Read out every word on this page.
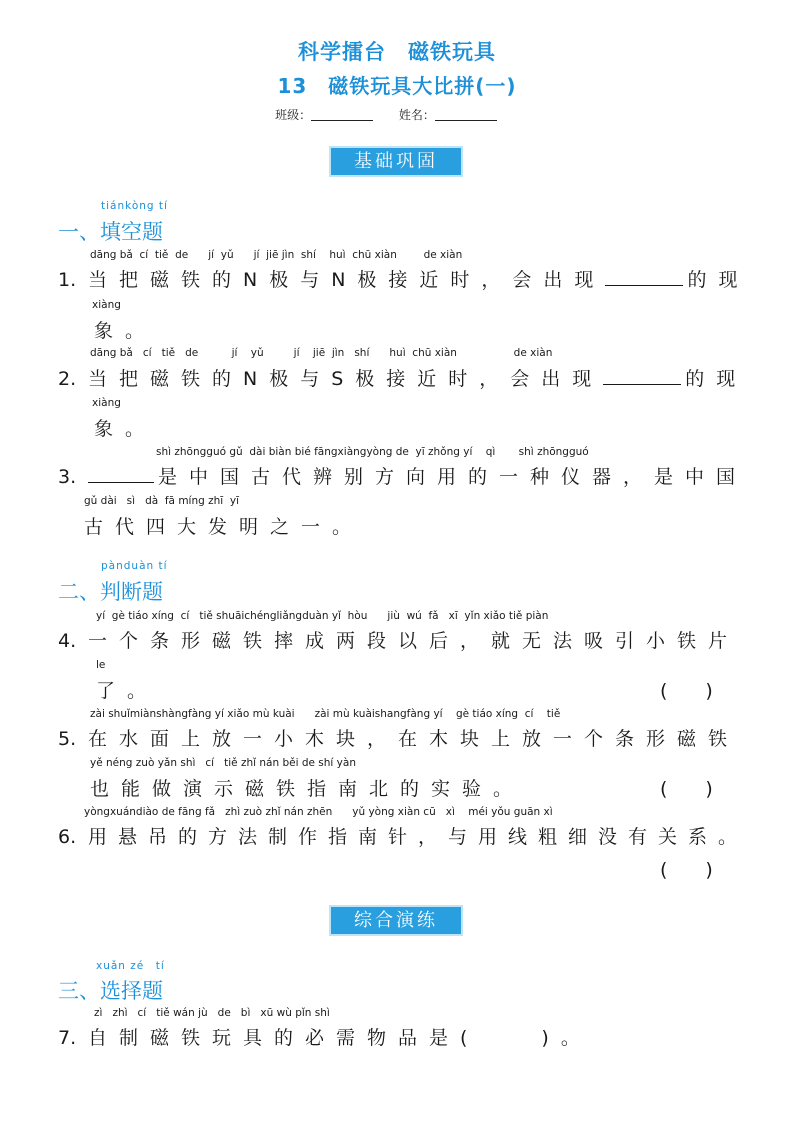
科学擂台　磁铁玩具
13　磁铁玩具大比拼(一)
班级：	姓名：
基础巩固
tiánkòng tí
一、填空题
dāng bǎ  cí  tiě  de      jí  yǔ      jí  jiē jìn  shí    huì  chū xiàn        de xiàn
1. 当把磁铁的N极与N极接近时，会出现	的现
xiàng
象。
dāng bǎ   cí   tiě   de          jí    yǔ         jí    jiē  jìn   shí      huì  chū xiàn                 de xiàn
2. 当把磁铁的N极与S极接近时，会出现	的现
xiàng
象。
shì zhōngguó gǔ  dài biàn bié fāngxiàngyòng de  yī zhǒng yí    qì       shì zhōngguó
3.	是中国古代辨别方向用的一种仪器，是中国
gǔ dài   sì   dà  fā míng zhī  yī
古代四大发明之一。
pànduàn tí
二、判断题
yí  gè tiáo xíng  cí   tiě shuāichéngliǎngduàn yǐ  hòu      jiù  wú  fǎ   xī  yǐn xiǎo tiě piàn
4. 一个条形磁铁摔成两段以后，就无法吸引小铁片
le
了。	(　　)
zài shuǐmiànshàngfàng yí xiǎo mù kuài      zài mù kuàishangfàng yí    gè tiáo xíng  cí    tiě
5. 在水面上放一小木块，在木块上放一个条形磁铁
yě néng zuò yǎn shì   cí   tiě zhǐ nán běi de shí yàn
也能做演示磁铁指南北的实验。	(　　)
yòngxuándiào de fāng fǎ   zhì zuò zhǐ nán zhēn      yǔ yòng xiàn cū   xì    méi yǒu guān xì
6. 用悬吊的方法制作指南针，与用线粗细没有关系。
(　　)
综合演练
xuǎn zé　tí
三、选择题
zì   zhì   cí   tiě wán jù   de   bì   xū wù pǐn shì
7. 自制磁铁玩具的必需物品是(　　)。
